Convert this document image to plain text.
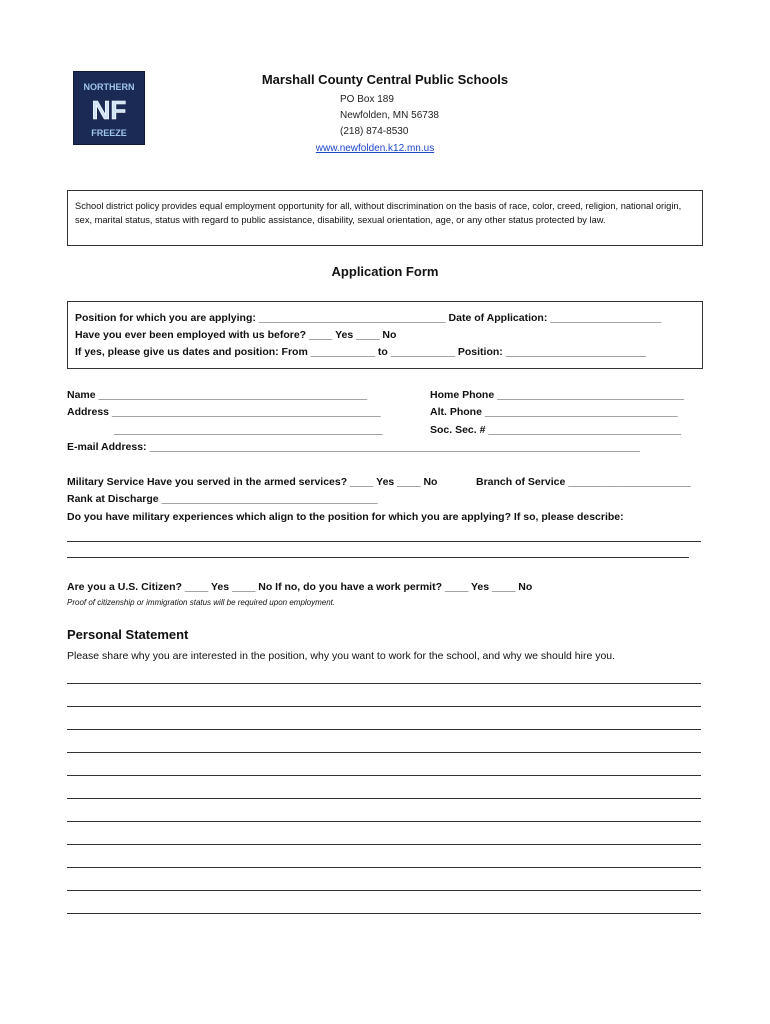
NORTHERN
NF
FREEZE
Marshall County Central Public Schools
PO Box 189
Newfolden, MN 56738
(218) 874-8530
www.newfolden.k12.mn.us
School district policy provides equal employment opportunity for all, without discrimination on the basis of race, color, creed, religion, national origin, sex, marital status, status with regard to public assistance, disability, sexual orientation, age, or any other status protected by law.
Application Form
Position for which you are applying: ________________________________ Date of Application: ___________________
Have you ever been employed with us before? ____ Yes ____ No
If yes, please give us dates and position: From ___________ to ___________ Position: ________________________
Name ______________________________________________
Address ______________________________________________
______________________________________________
Home Phone ________________________________
Alt. Phone _________________________________
Soc. Sec. # _________________________________
E-mail Address: ____________________________________________________________________________________
Military Service Have you served in the armed services? ____ Yes ____ No	Branch of Service _____________________
Rank at Discharge _____________________________________
Do you have military experiences which align to the position for which you are applying? If so, please describe:
Are you a U.S. Citizen? ____ Yes ____ No If no, do you have a work permit? ____ Yes ____ No
Proof of citizenship or immigration status will be required upon employment.
Personal Statement
Please share why you are interested in the position, why you want to work for the school, and why we should hire you.
